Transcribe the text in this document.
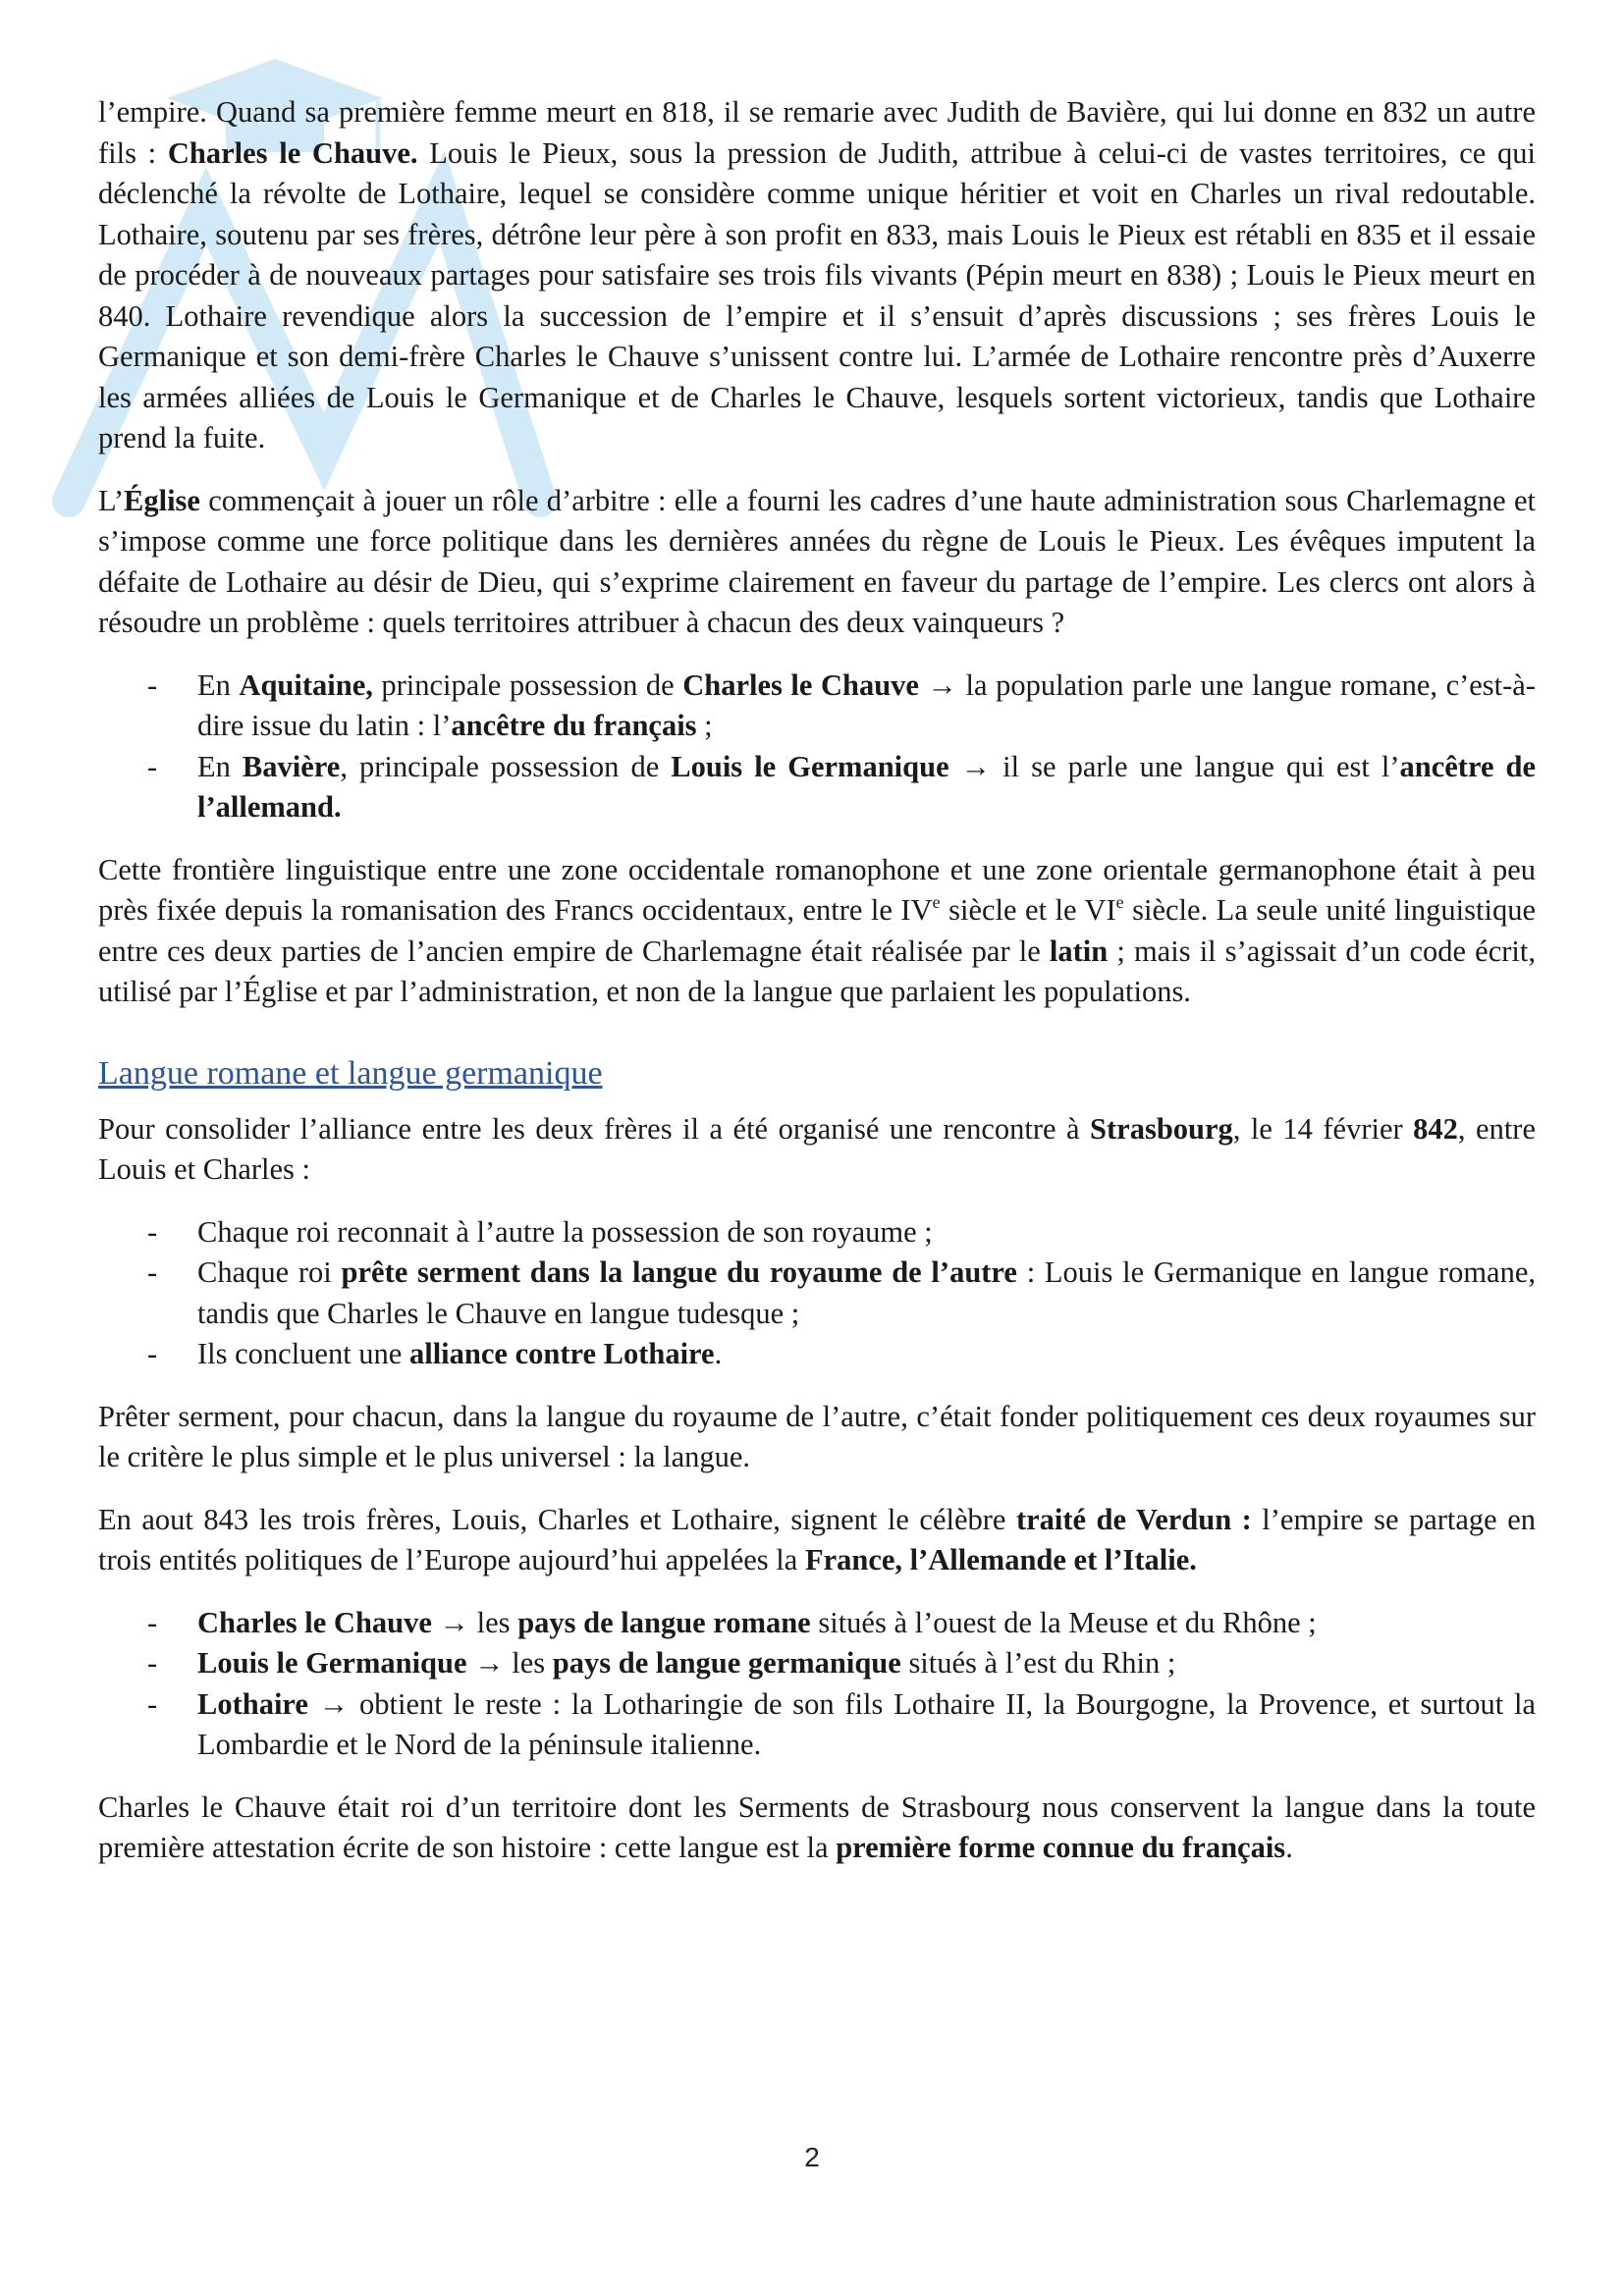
l’empire. Quand sa première femme meurt en 818, il se remarie avec Judith de Bavière, qui lui donne en 832 un autre fils : Charles le Chauve. Louis le Pieux, sous la pression de Judith, attribue à celui-ci de vastes territoires, ce qui déclenché la révolte de Lothaire, lequel se considère comme unique héritier et voit en Charles un rival redoutable. Lothaire, soutenu par ses frères, détrône leur père à son profit en 833, mais Louis le Pieux est rétabli en 835 et il essaie de procéder à de nouveaux partages pour satisfaire ses trois fils vivants (Pépin meurt en 838) ; Louis le Pieux meurt en 840. Lothaire revendique alors la succession de l’empire et il s’ensuit d’après discussions ; ses frères Louis le Germanique et son demi-frère Charles le Chauve s’unissent contre lui. L’armée de Lothaire rencontre près d’Auxerre les armées alliées de Louis le Germanique et de Charles le Chauve, lesquels sortent victorieux, tandis que Lothaire prend la fuite.

L’Église commençait à jouer un rôle d’arbitre : elle a fourni les cadres d’une haute administration sous Charlemagne et s’impose comme une force politique dans les dernières années du règne de Louis le Pieux. Les évêques imputent la défaite de Lothaire au désir de Dieu, qui s’exprime clairement en faveur du partage de l’empire. Les clercs ont alors à résoudre un problème : quels territoires attribuer à chacun des deux vainqueurs ?

- En Aquitaine, principale possession de Charles le Chauve → la population parle une langue romane, c’est-à-dire issue du latin : l’ancêtre du français ;
- En Bavière, principale possession de Louis le Germanique → il se parle une langue qui est l’ancêtre de l’allemand.

Cette frontière linguistique entre une zone occidentale romanophone et une zone orientale germanophone était à peu près fixée depuis la romanisation des Francs occidentaux, entre le IVe siècle et le VIe siècle. La seule unité linguistique entre ces deux parties de l’ancien empire de Charlemagne était réalisée par le latin ; mais il s’agissait d’un code écrit, utilisé par l’Église et par l’administration, et non de la langue que parlaient les populations.

Langue romane et langue germanique

Pour consolider l’alliance entre les deux frères il a été organisé une rencontre à Strasbourg, le 14 février 842, entre Louis et Charles :

- Chaque roi reconnait à l’autre la possession de son royaume ;
- Chaque roi prête serment dans la langue du royaume de l’autre : Louis le Germanique en langue romane, tandis que Charles le Chauve en langue tudesque ;
- Ils concluent une alliance contre Lothaire.

Prêter serment, pour chacun, dans la langue du royaume de l’autre, c’était fonder politiquement ces deux royaumes sur le critère le plus simple et le plus universel : la langue.

En aout 843 les trois frères, Louis, Charles et Lothaire, signent le célèbre traité de Verdun : l’empire se partage en trois entités politiques de l’Europe aujourd’hui appelées la France, l’Allemande et l’Italie.

- Charles le Chauve → les pays de langue romane situés à l’ouest de la Meuse et du Rhône ;
- Louis le Germanique → les pays de langue germanique situés à l’est du Rhin ;
- Lothaire → obtient le reste : la Lotharingie de son fils Lothaire II, la Bourgogne, la Provence, et surtout la Lombardie et le Nord de la péninsule italienne.

Charles le Chauve était roi d’un territoire dont les Serments de Strasbourg nous conservent la langue dans la toute première attestation écrite de son histoire : cette langue est la première forme connue du français.

2
